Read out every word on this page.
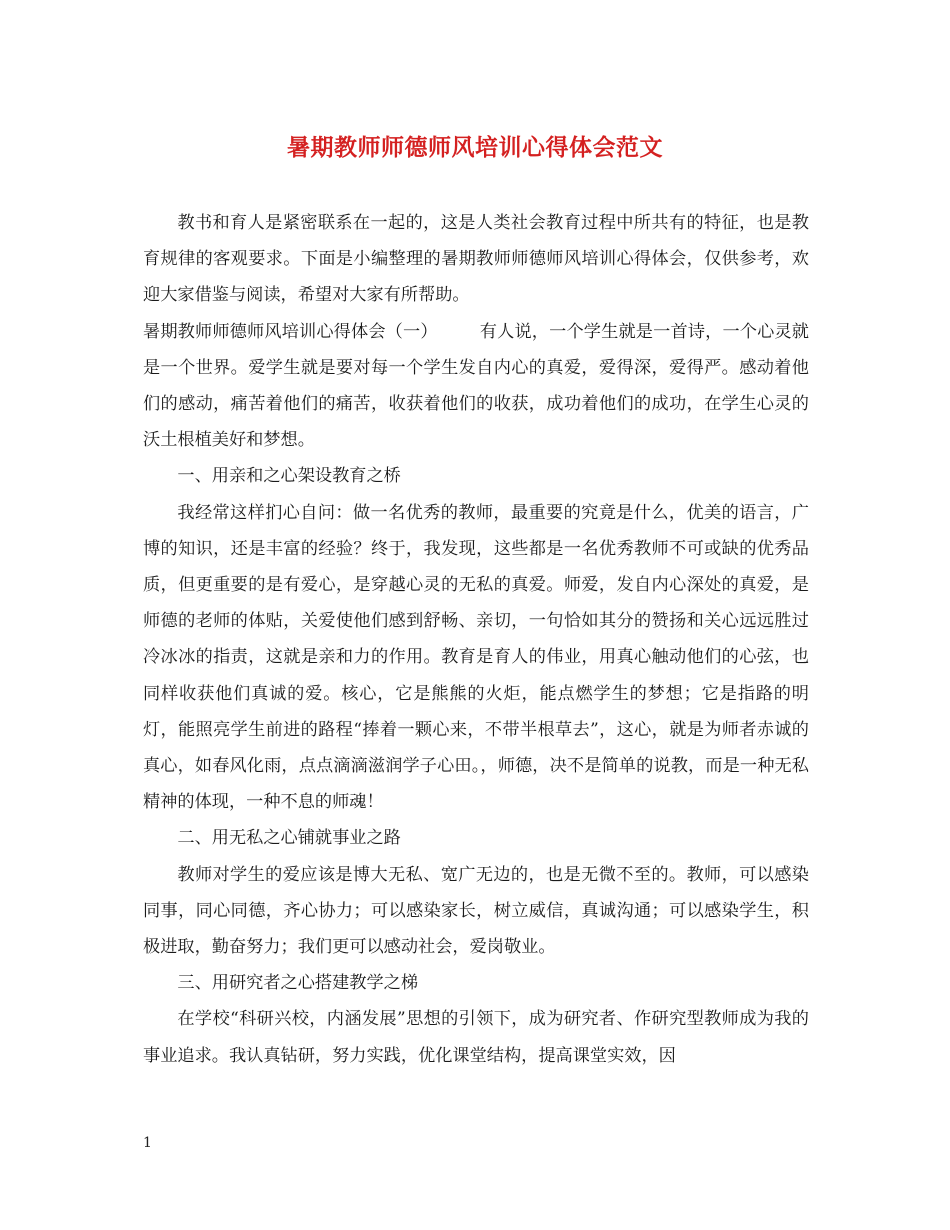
暑期教师师德师风培训心得体会范文

教书和育人是紧密联系在一起的，这是人类社会教育过程中所共有的特征，也是教育规律的客观要求。下面是小编整理的暑期教师师德师风培训心得体会，仅供参考，欢迎大家借鉴与阅读，希望对大家有所帮助。

暑期教师师德师风培训心得体会（一） 有人说，一个学生就是一首诗，一个心灵就是一个世界。爱学生就是要对每一个学生发自内心的真爱，爱得深，爱得严。感动着他们的感动，痛苦着他们的痛苦，收获着他们的收获，成功着他们的成功，在学生心灵的沃土根植美好和梦想。

一、用亲和之心架设教育之桥

我经常这样扪心自问：做一名优秀的教师，最重要的究竟是什么，优美的语言，广博的知识，还是丰富的经验？终于，我发现，这些都是一名优秀教师不可或缺的优秀品质，但更重要的是有爱心，是穿越心灵的无私的真爱。师爱，发自内心深处的真爱，是师德的老师的体贴，关爱使他们感到舒畅、亲切，一句恰如其分的赞扬和关心远远胜过冷冰冰的指责，这就是亲和力的作用。教育是育人的伟业，用真心触动他们的心弦，也同样收获他们真诚的爱。核心，它是熊熊的火炬，能点燃学生的梦想；它是指路的明灯，能照亮学生前进的路程“捧着一颗心来，不带半根草去”，这心，就是为师者赤诚的真心，如春风化雨，点点滴滴滋润学子心田。，师德，决不是简单的说教，而是一种无私精神的体现，一种不息的师魂！

二、用无私之心铺就事业之路

教师对学生的爱应该是博大无私、宽广无边的，也是无微不至的。教师，可以感染同事，同心同德，齐心协力；可以感染家长，树立威信，真诚沟通；可以感染学生，积极进取，勤奋努力；我们更可以感动社会，爱岗敬业。

三、用研究者之心搭建教学之梯

在学校“科研兴校，内涵发展”思想的引领下，成为研究者、作研究型教师成为我的事业追求。我认真钻研，努力实践，优化课堂结构，提高课堂实效，因

1
